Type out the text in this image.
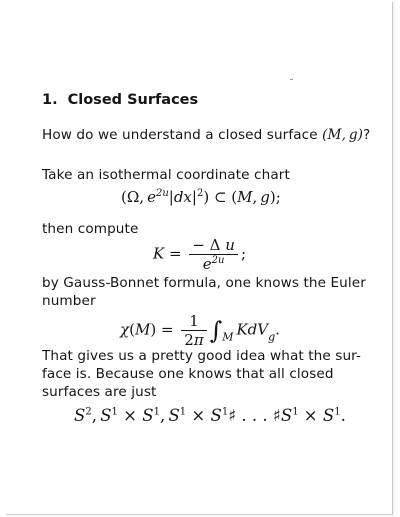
1. Closed Surfaces
How do we understand a closed surface (M, g)?
Take an isothermal coordinate chart
(Ω, $e^{2u}|dx|^2$) ⊂ (M, g);
then compute
$K = \frac{\text{− Δ u}}{e^{2u}}$ ;
by Gauss-Bonnet formula, one knows the Euler
number
$\chi(M) = \frac{1}{2\pi} \int_M$  KdV$_g$.
That gives us a pretty good idea what the sur-
face is. Because one knows that all closed
surfaces are just
$S^2$, $S^1 \times S^1$, $S^1$ × $S^1♯$ . . . $♯S^1 \times S^1$.
